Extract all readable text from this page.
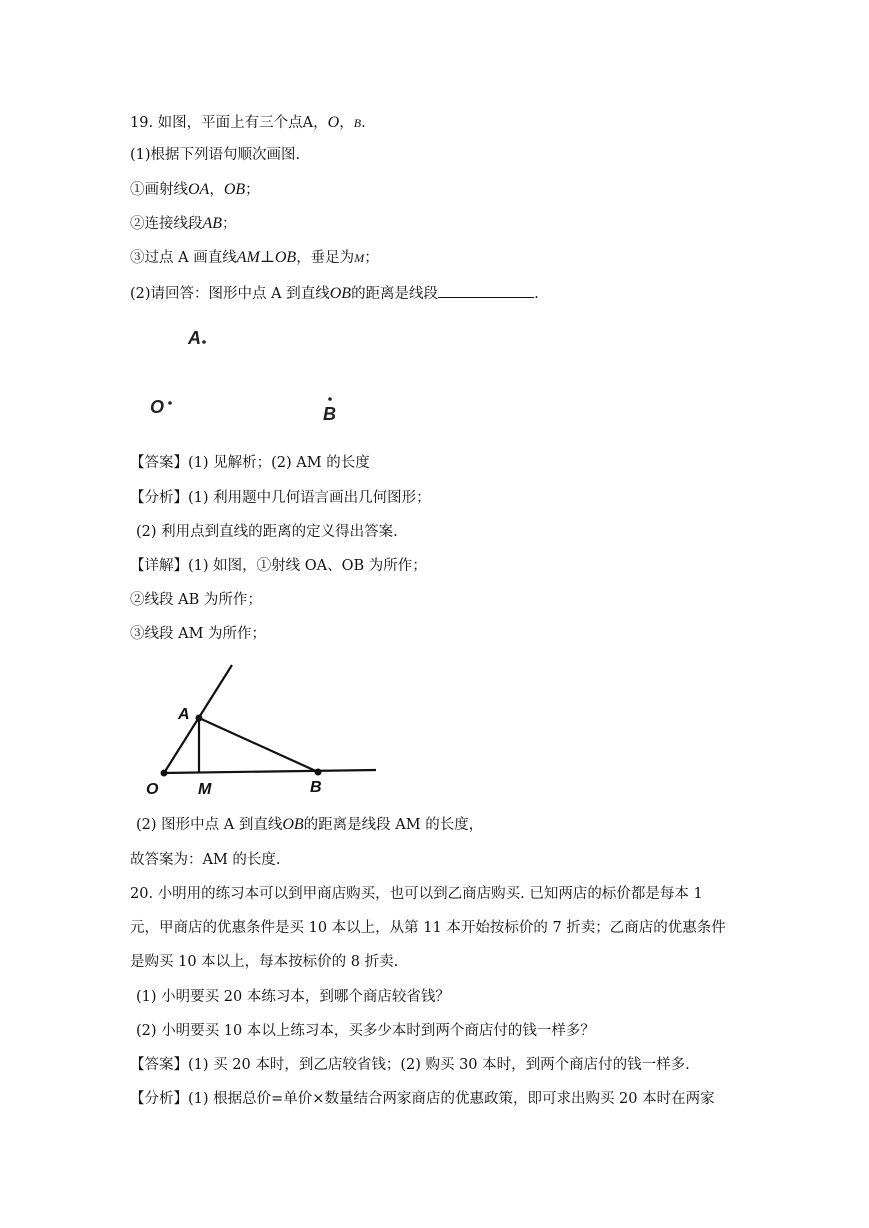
19. 如图，平面上有三个点A，O，B.
(1)根据下列语句顺次画图.
①画射线OA，OB；
②连接线段AB；
③过点 A 画直线AM⊥OB，垂足为M；
(2)请回答：图形中点 A 到直线OB的距离是线段	.
A
O	B
【答案】(1) 见解析；(2) AM 的长度
【分析】(1) 利用题中几何语言画出几何图形；
(2) 利用点到直线的距离的定义得出答案.
【详解】(1) 如图，①射线 OA、OB 为所作；
②线段 AB 为所作；
③线段 AM 为所作；
A
O M	B
(2) 图形中点 A 到直线OB的距离是线段 AM 的长度，
故答案为：AM 的长度.
20. 小明用的练习本可以到甲商店购买，也可以到乙商店购买. 已知两店的标价都是每本 1
元，甲商店的优惠条件是买 10 本以上，从第 11 本开始按标价的 7 折卖；乙商店的优惠条件
是购买 10 本以上，每本按标价的 8 折卖.
(1) 小明要买 20 本练习本，到哪个商店较省钱？
(2) 小明要买 10 本以上练习本，买多少本时到两个商店付的钱一样多？
【答案】(1) 买 20 本时，到乙店较省钱；(2) 购买 30 本时，到两个商店付的钱一样多.
【分析】(1) 根据总价=单价×数量结合两家商店的优惠政策，即可求出购买 20 本时在两家
